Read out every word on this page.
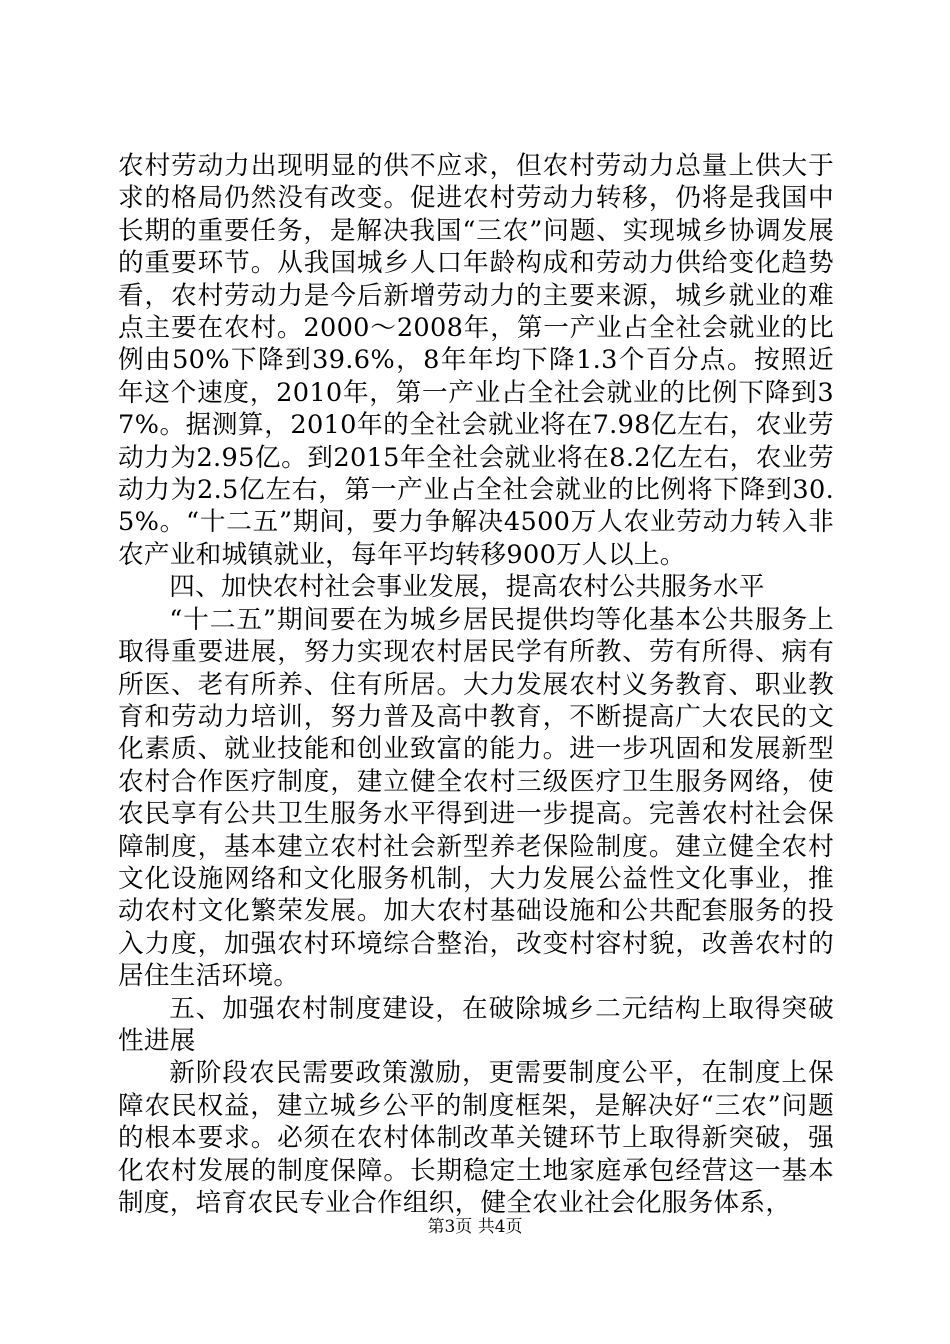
农村劳动力出现明显的供不应求，但农村劳动力总量上供大于求的格局仍然没有改变。促进农村劳动力转移，仍将是我国中长期的重要任务，是解决我国“三农”问题、实现城乡协调发展的重要环节。从我国城乡人口年龄构成和劳动力供给变化趋势看，农村劳动力是今后新增劳动力的主要来源，城乡就业的难点主要在农村。2000～2008年，第一产业占全社会就业的比例由50%下降到39.6%，8年年均下降1.3个百分点。按照近年这个速度，2010年，第一产业占全社会就业的比例下降到37%。据测算，2010年的全社会就业将在7.98亿左右，农业劳动力为2.95亿。到2015年全社会就业将在8.2亿左右，农业劳动力为2.5亿左右，第一产业占全社会就业的比例将下降到30.5%。“十二五”期间，要力争解决4500万人农业劳动力转入非农产业和城镇就业，每年平均转移900万人以上。

四、加快农村社会事业发展，提高农村公共服务水平

“十二五”期间要在为城乡居民提供均等化基本公共服务上取得重要进展，努力实现农村居民学有所教、劳有所得、病有所医、老有所养、住有所居。大力发展农村义务教育、职业教育和劳动力培训，努力普及高中教育，不断提高广大农民的文化素质、就业技能和创业致富的能力。进一步巩固和发展新型农村合作医疗制度，建立健全农村三级医疗卫生服务网络，使农民享有公共卫生服务水平得到进一步提高。完善农村社会保障制度，基本建立农村社会新型养老保险制度。建立健全农村文化设施网络和文化服务机制，大力发展公益性文化事业，推动农村文化繁荣发展。加大农村基础设施和公共配套服务的投入力度，加强农村环境综合整治，改变村容村貌，改善农村的居住生活环境。

五、加强农村制度建设，在破除城乡二元结构上取得突破性进展

新阶段农民需要政策激励，更需要制度公平，在制度上保障农民权益，建立城乡公平的制度框架，是解决好“三农”问题的根本要求。必须在农村体制改革关键环节上取得新突破，强化农村发展的制度保障。长期稳定土地家庭承包经营这一基本制度，培育农民专业合作组织，健全农业社会化服务体系，

第3页 共4页
